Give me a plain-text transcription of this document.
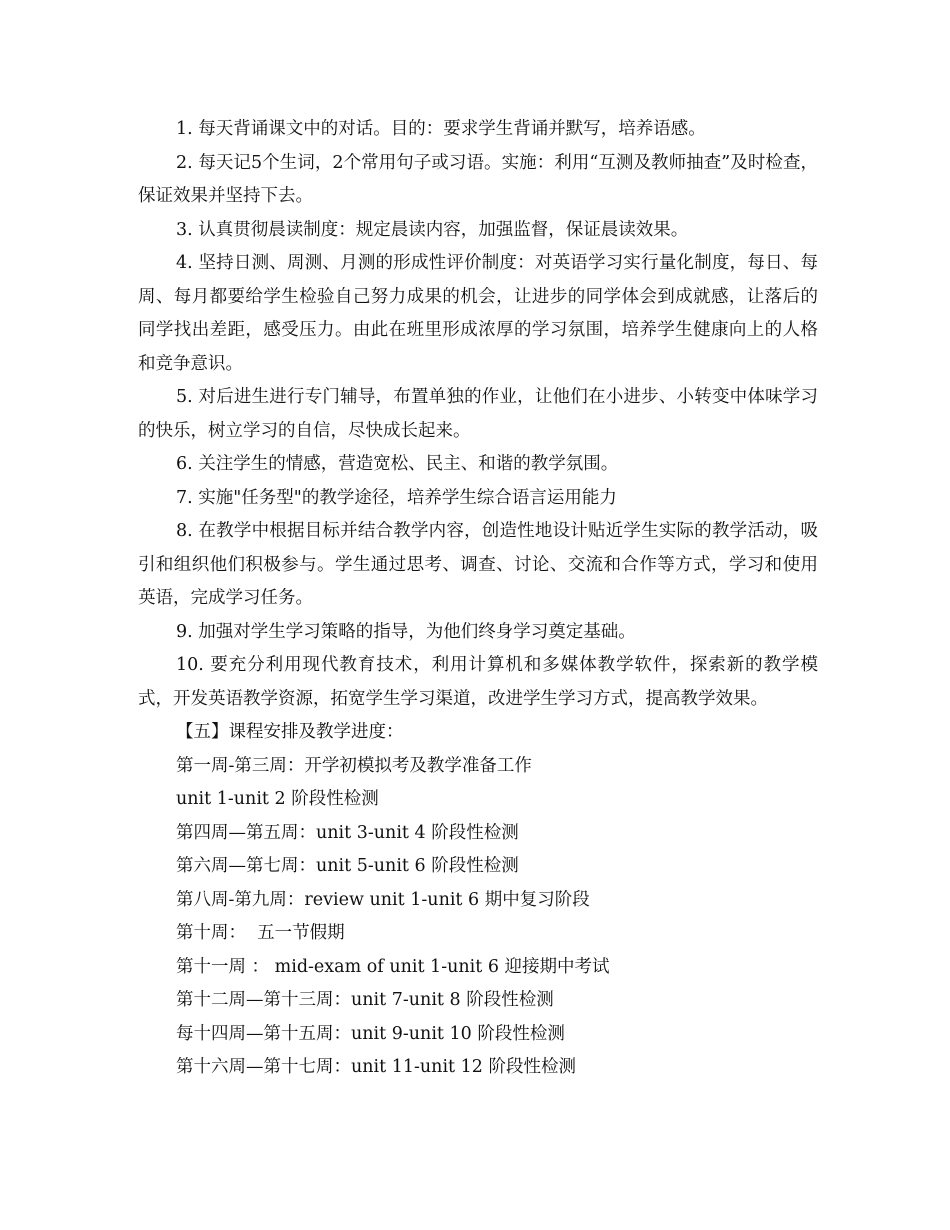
1. 每天背诵课文中的对话。目的：要求学生背诵并默写，培养语感。

2. 每天记5个生词，2个常用句子或习语。实施：利用“互测及教师抽查”及时检查，保证效果并坚持下去。

3. 认真贯彻晨读制度：规定晨读内容，加强监督，保证晨读效果。

4. 坚持日测、周测、月测的形成性评价制度：对英语学习实行量化制度，每日、每周、每月都要给学生检验自己努力成果的机会，让进步的同学体会到成就感，让落后的同学找出差距，感受压力。由此在班里形成浓厚的学习氛围，培养学生健康向上的人格和竞争意识。

5. 对后进生进行专门辅导，布置单独的作业，让他们在小进步、小转变中体味学习的快乐，树立学习的自信，尽快成长起来。

6. 关注学生的情感，营造宽松、民主、和谐的教学氛围。

7. 实施"任务型"的教学途径，培养学生综合语言运用能力

8. 在教学中根据目标并结合教学内容，创造性地设计贴近学生实际的教学活动，吸引和组织他们积极参与。学生通过思考、调查、讨论、交流和合作等方式，学习和使用英语，完成学习任务。

9. 加强对学生学习策略的指导，为他们终身学习奠定基础。

10. 要充分利用现代教育技术，利用计算机和多媒体教学软件，探索新的教学模式，开发英语教学资源，拓宽学生学习渠道，改进学生学习方式，提高教学效果。

【五】课程安排及教学进度：

第一周-第三周：开学初模拟考及教学准备工作

unit 1-unit 2 阶段性检测

第四周—第五周：unit 3-unit 4 阶段性检测

第六周—第七周：unit 5-unit 6 阶段性检测

第八周-第九周：review unit 1-unit 6 期中复习阶段

第十周：  五一节假期

第十一周 ： mid-exam of unit 1-unit 6 迎接期中考试

第十二周—第十三周：unit 7-unit 8 阶段性检测

每十四周—第十五周：unit 9-unit 10 阶段性检测

第十六周—第十七周：unit 11-unit 12 阶段性检测
